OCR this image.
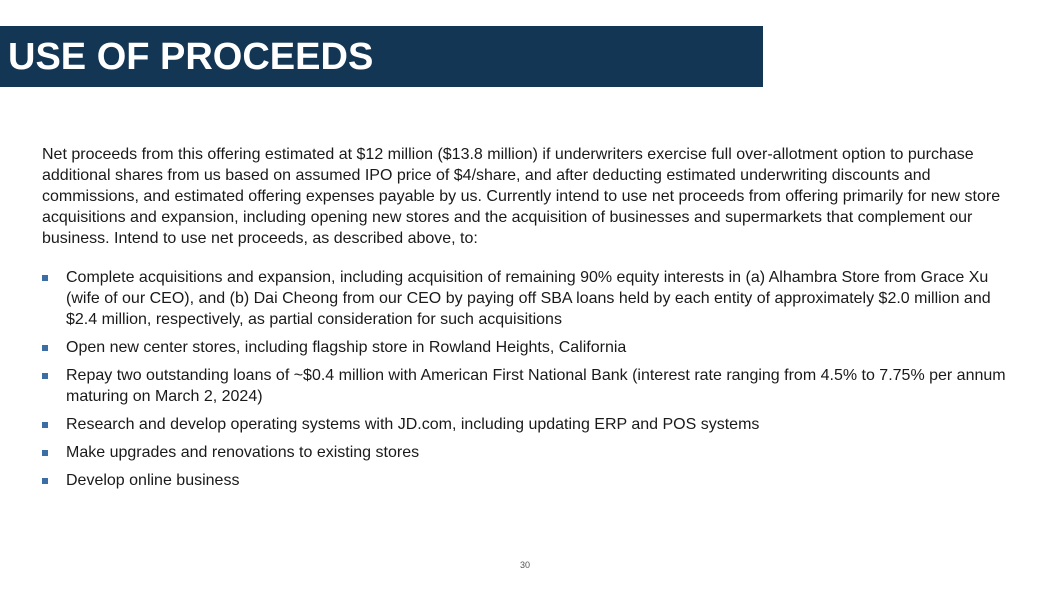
USE OF PROCEEDS

Net proceeds from this offering estimated at $12 million ($13.8 million) if underwriters exercise full over-allotment option to purchase additional shares from us based on assumed IPO price of $4/share, and after deducting estimated underwriting discounts and commissions, and estimated offering expenses payable by us. Currently intend to use net proceeds from offering primarily for new store acquisitions and expansion, including opening new stores and the acquisition of businesses and supermarkets that complement our business. Intend to use net proceeds, as described above, to:

Complete acquisitions and expansion, including acquisition of remaining 90% equity interests in (a) Alhambra Store from Grace Xu (wife of our CEO), and (b) Dai Cheong from our CEO by paying off SBA loans held by each entity of approximately $2.0 million and $2.4 million, respectively, as partial consideration for such acquisitions
Open new center stores, including flagship store in Rowland Heights, California
Repay two outstanding loans of ~$0.4 million with American First National Bank (interest rate ranging from 4.5% to 7.75% per annum maturing on March 2, 2024)
Research and develop operating systems with JD.com, including updating ERP and POS systems
Make upgrades and renovations to existing stores
Develop online business
30
